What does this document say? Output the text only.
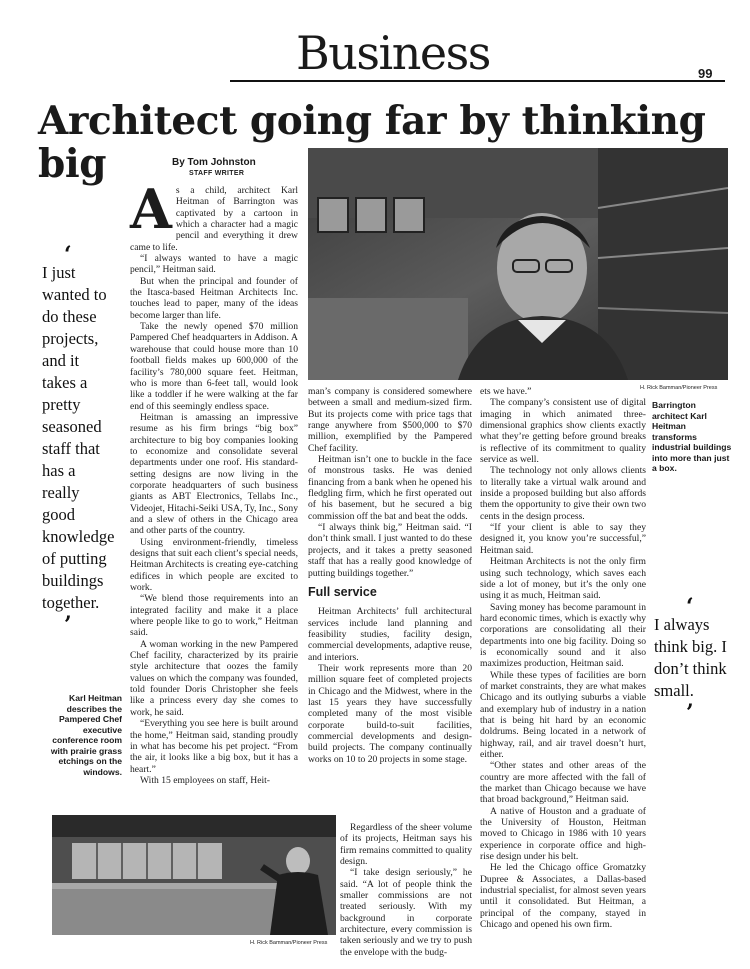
Business	99
Architect going far by thinking big	By Tom Johnston
STAFF WRITER
H. Rick Bamman/Pioneer Press
Barrington architect Karl Heitman transforms industrial buildings into more than just a box.
‘
I just wanted to do these projects, and it takes a pretty seasoned staff that has a really good knowledge of putting buildings together.
’

As a child, architect Karl Heitman of Barrington was captivated by a cartoon in which a character had a magic pencil and everything it drew came to life.

“I always wanted to have a magic pencil,” Heitman said.

But when the principal and founder of the Itasca-based Heitman Architects Inc. touches lead to paper, many of the ideas become larger than life.

Take the newly opened $70 million Pampered Chef headquarters in Addison. A warehouse that could house more than 10 football fields makes up 600,000 of the facility’s 780,000 square feet. Heitman, who is more than 6-feet tall, would look like a toddler if he were walking at the far end of this seemingly endless space.

Heitman is amassing an impressive resume as his firm brings “big box” architecture to big boy companies looking to economize and consolidate several departments under one roof. His standard-setting designs are now living in the corporate headquarters of such business giants as ABT Electronics, Tellabs Inc., Videojet, Hitachi-Seiki USA, Ty, Inc., Sony and a slew of others in the Chicago area and other parts of the country.

Using environment-friendly, timeless designs that suit each client’s special needs, Heitman Architects is creating eye-catching edifices in which people are excited to work.

“We blend those requirements into an integrated facility and make it a place where people like to go to work,” Heitman said.

A woman working in the new Pampered Chef facility, characterized by its prairie style architecture that oozes the family values on which the company was founded, told founder Doris Christopher she feels like a princess every day she comes to work, he said.

“Everything you see here is built around the home,” Heitman said, standing proudly in what has become his pet project. “From the air, it looks like a big box, but it has a heart.”

With 15 employees on staff, Heit-

Karl Heitman describes the Pampered Chef executive conference room with prairie grass etchings on the windows.

man’s company is considered somewhere between a small and medium-sized firm. But its projects come with price tags that range anywhere from $500,000 to $70 million, exemplified by the Pampered Chef facility.

Heitman isn’t one to buckle in the face of monstrous tasks. He was denied financing from a bank when he opened his fledgling firm, which he first operated out of his basement, but he secured a big commission off the bat and beat the odds.

“I always think big,” Heitman said. “I don’t think small. I just wanted to do these projects, and it takes a pretty seasoned staff that has a really good knowledge of putting buildings together.”

Full service

Heitman Architects’ full architectural services include land planning and feasibility studies, facility design, commercial developments, adaptive reuse, and interiors.

Their work represents more than 20 million square feet of completed projects in Chicago and the Midwest, where in the last 15 years they have successfully completed many of the most visible corporate build-to-suit facilities, commercial developments and design-build projects. The company continually works on 10 to 20 projects in some stage.

Regardless of the sheer volume of its projects, Heitman says his firm remains committed to quality design.

“I take design seriously,” he said. “A lot of people think the smaller commissions are not treated seriously. With my background in corporate architecture, every commission is taken seriously and we try to push the envelope with the budg-

ets we have.”

The company’s consistent use of digital imaging in which animated three-dimensional graphics show clients exactly what they’re getting before ground breaks is reflective of its commitment to quality service as well.

The technology not only allows clients to literally take a virtual walk around and inside a proposed building but also affords them the opportunity to give their own two cents in the design process.

“If your client is able to say they designed it, you know you’re successful,” Heitman said.

Heitman Architects is not the only firm using such technology, which saves each side a lot of money, but it’s the only one using it as much, Heitman said.

Saving money has become paramount in hard economic times, which is exactly why corporations are consolidating all their departments into one big facility. Doing so is economically sound and it also maximizes production, Heitman said.

While these types of facilities are born of market constraints, they are what makes Chicago and its outlying suburbs a viable and exemplary hub of industry in a nation that is being hit hard by an economic doldrums. Being located in a network of highway, rail, and air travel doesn’t hurt, either.

“Other states and other areas of the country are more affected with the fall of the market than Chicago because we have that broad background,” Heitman said.

A native of Houston and a graduate of the University of Houston, Heitman moved to Chicago in 1986 with 10 years experience in corporate office and high-rise design under his belt.

He led the Chicago office Gromatzky Dupree & Associates, a Dallas-based industrial specialist, for almost seven years until it consolidated. But Heitman, a principal of the company, stayed in Chicago and opened his own firm.

‘
I always think big. I don’t think small.
’
H. Rick Bamman/Pioneer Press
